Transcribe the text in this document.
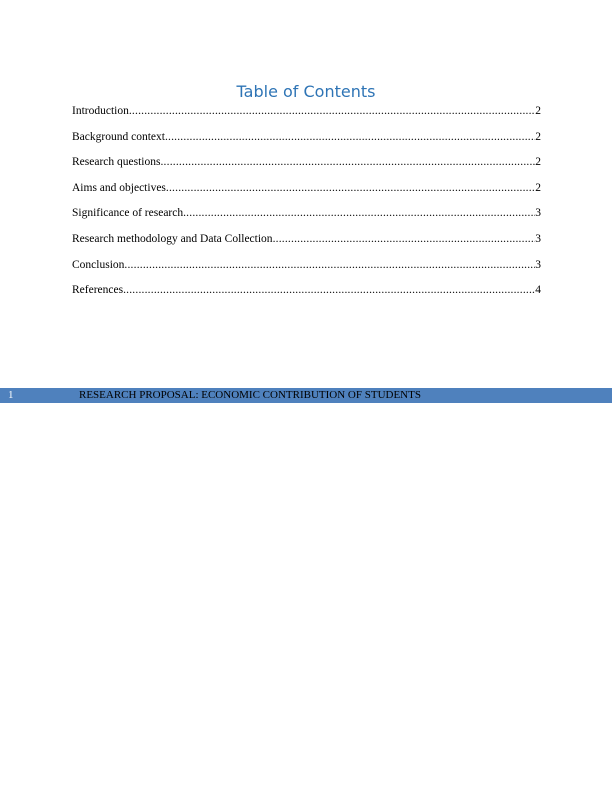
Table of Contents
Introduction .....	2
Background context .....	2
Research questions .....	2
Aims and objectives .....	2
Significance of research .....	3
Research methodology and Data Collection .....	3
Conclusion .....	3
References .....	4
1	RESEARCH PROPOSAL: ECONOMIC CONTRIBUTION OF STUDENTS
